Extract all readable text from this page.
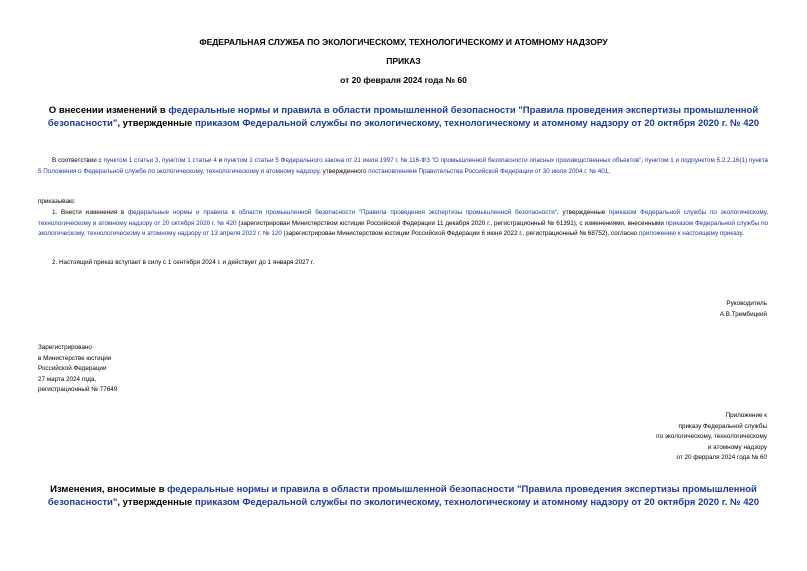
ФЕДЕРАЛЬНАЯ СЛУЖБА ПО ЭКОЛОГИЧЕСКОМУ, ТЕХНОЛОГИЧЕСКОМУ И АТОМНОМУ НАДЗОРУ
ПРИКАЗ
от 20 февраля 2024 года № 60
О внесении изменений в федеральные нормы и правила в области промышленной безопасности "Правила проведения экспертизы промышленной безопасности", утвержденные приказом Федеральной службы по экологическому, технологическому и атомному надзору от 20 октября 2020 г. № 420
В соответствии с пунктом 1 статьи 3, пунктом 1 статьи 4 и пунктом 1 статьи 5 Федерального закона от 21 июля 1997 г. № 116-ФЗ "О промышленной безопасности опасных производственных объектов", пунктом 1 и подпунктом 5.2.2.16(1) пункта 5 Положения о Федеральной службе по экологическому, технологическому и атомному надзору, утвержденного постановлением Правительства Российской Федерации от 30 июля 2004 г. № 401,
приказываю:
1. Внести изменения в федеральные нормы и правила в области промышленной безопасности "Правила проведения экспертизы промышленной безопасности", утвержденные приказом Федеральной службы по экологическому, технологическому и атомному надзору от 20 октября 2020 г. № 420 (зарегистрирован Министерством юстиции Российской Федерации 11 декабря 2020 г., регистрационный № 61391), с изменениями, внесенными приказом Федеральной службы по экологическому, технологическому и атомному надзору от 13 апреля 2022 г. № 120 (зарегистрирован Министерством юстиции Российской Федерации 6 июня 2022 г., регистрационный № 68752), согласно приложению к настоящему приказу.
2. Настоящий приказ вступает в силу с 1 сентября 2024 г. и действует до 1 января 2027 г.
Руководитель
А.В.Трембицкий
Зарегистрировано
в Министерстве юстиции
Российской Федерации
27 марта 2024 года,
регистрационный № 77649
Приложение к
приказу Федеральной службы
по экологическому, технологическому
и атомному надзору
от 20 ферраля 2024 года № 60
Изменения, вносимые в федеральные нормы и правила в области промышленной безопасности "Правила проведения экспертизы промышленной безопасности", утвержденные приказом Федеральной службы по экологическому, технологическому и атомному надзору от 20 октября 2020 г. № 420
